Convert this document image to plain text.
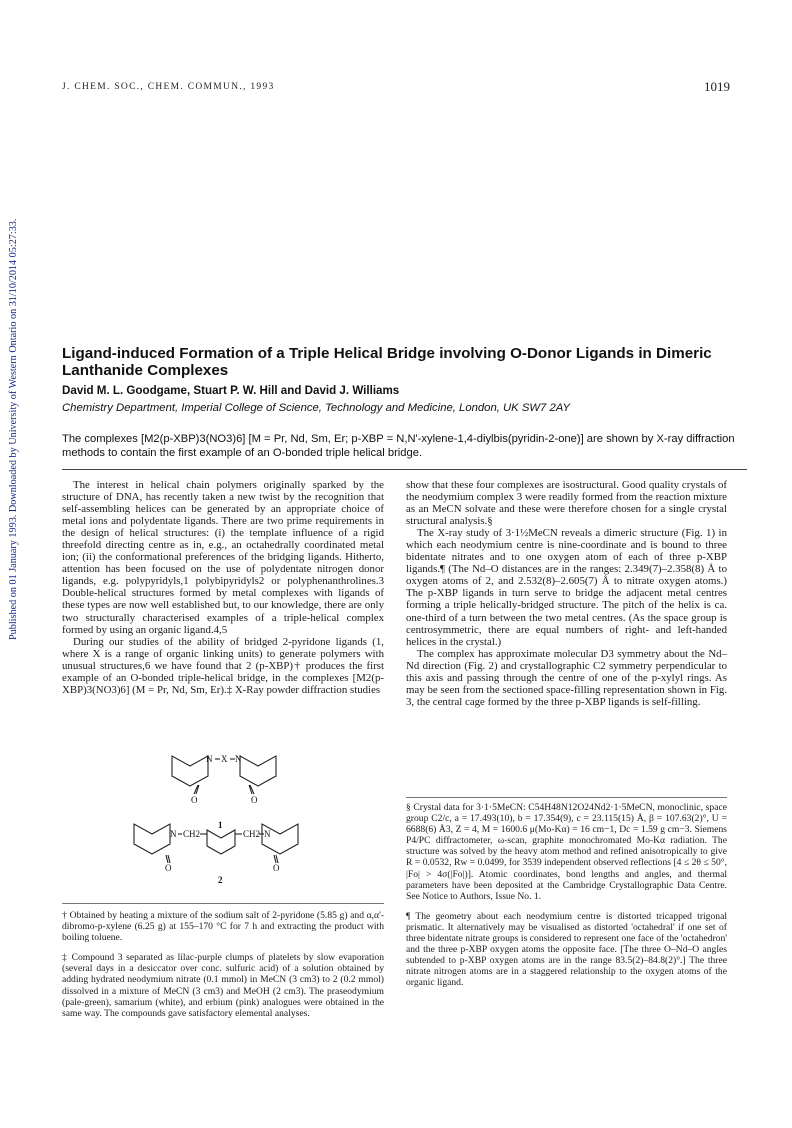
J. CHEM. SOC., CHEM. COMMUN., 1993	1019
Published on 01 January 1993. Downloaded by University of Western Ontario on 31/10/2014 05:27:33.	Ligand-induced Formation of a Triple Helical Bridge involving O-Donor Ligands in Dimeric Lanthanide Complexes
David M. L. Goodgame, Stuart P. W. Hill and David J. Williams
Chemistry Department, Imperial College of Science, Technology and Medicine, London, UK SW7 2AY
The complexes [M2(p-XBP)3(NO3)6] [M = Pr, Nd, Sm, Er; p-XBP = N,N'-xylene-1,4-diylbis(pyridin-2-one)] are shown by X-ray diffraction methods to contain the first example of an O-bonded triple helical bridge.

The interest in helical chain polymers originally sparked by the structure of DNA, has recently taken a new twist by the recognition that self-assembling helices can be generated by an appropriate choice of metal ions and polydentate ligands. There are two prime requirements in the design of helical structures: (i) the template influence of a rigid threefold directing centre as in, e.g., an octahedrally coordinated metal ion; (ii) the conformational preferences of the bridging ligands. Hitherto, attention has been focused on the use of polydentate nitrogen donor ligands, e.g. polypyridyls,1 polybipyridyls2 or polyphenanthrolines.3 Double-helical structures formed by metal complexes with ligands of these types are now well established but, to our knowledge, there are only two structurally characterised examples of a triple-helical complex formed by using an organic ligand.4,5

During our studies of the ability of bridged 2-pyridone ligands (1, where X is a range of organic linking units) to generate polymers with unusual structures,6 we have found that 2 (p-XBP)† produces the first example of an O-bonded triple-helical bridge, in the complexes [M2(p-XBP)3(NO3)6] (M = Pr, Nd, Sm, Er).‡ X-Ray powder diffraction studies

N X N
O	O
1
N CH2	CH2 N
O	O
2

† Obtained by heating a mixture of the sodium salt of 2-pyridone (5.85 g) and α,α'-dibromo-p-xylene (6.25 g) at 155–170 °C for 7 h and extracting the product with boiling toluene.

‡ Compound 3 separated as lilac-purple clumps of platelets by slow evaporation (several days in a desiccator over conc. sulfuric acid) of a solution obtained by adding hydrated neodymium nitrate (0.1 mmol) in MeCN (3 cm3) to 2 (0.2 mmol) dissolved in a mixture of MeCN (3 cm3) and MeOH (2 cm3). The praseodymium (pale-green), samarium (white), and erbium (pink) analogues were obtained in the same way. The compounds gave satisfactory elemental analyses.

show that these four complexes are isostructural. Good quality crystals of the neodymium complex 3 were readily formed from the reaction mixture as an MeCN solvate and these were therefore chosen for a single crystal structural analysis.§

The X-ray study of 3·1½MeCN reveals a dimeric structure (Fig. 1) in which each neodymium centre is nine-coordinate and is bound to three bidentate nitrates and to one oxygen atom of each of three p-XBP ligands.¶ (The Nd–O distances are in the ranges: 2.349(7)–2.358(8) Å to oxygen atoms of 2, and 2.532(8)–2.605(7) Å to nitrate oxygen atoms.) The p-XBP ligands in turn serve to bridge the adjacent metal centres forming a triple helically-bridged structure. The pitch of the helix is ca. one-third of a turn between the two metal centres. (As the space group is centrosymmetric, there are equal numbers of right- and left-handed helices in the crystal.)

The complex has approximate molecular D3 symmetry about the Nd–Nd direction (Fig. 2) and crystallographic C2 symmetry perpendicular to this axis and passing through the centre of one of the p-xylyl rings. As may be seen from the sectioned space-filling representation shown in Fig. 3, the central cage formed by the three p-XBP ligands is self-filling.

§ Crystal data for 3·1·5MeCN: C54H48N12O24Nd2·1·5MeCN, monoclinic, space group C2/c, a = 17.493(10), b = 17.354(9), c = 23.115(15) Å, β = 107.63(2)°, U = 6688(6) Å3, Z = 4, M = 1600.6 μ(Mo-Kα) = 16 cm−1, Dc = 1.59 g cm−3. Siemens P4/PC diffractometer, ω-scan, graphite monochromated Mo-Kα radiation. The structure was solved by the heavy atom method and refined anisotropically to give R = 0.0532, Rw = 0.0499, for 3539 independent observed reflections [4 ≤ 2θ ≤ 50°, |Fo| > 4σ(|Fo|)]. Atomic coordinates, bond lengths and angles, and thermal parameters have been deposited at the Cambridge Crystallographic Data Centre. See Notice to Authors, Issue No. 1.

¶ The geometry about each neodymium centre is distorted tricapped trigonal prismatic. It alternatively may be visualised as distorted 'octahedral' if one set of three bidentate nitrate groups is considered to represent one face of the 'octahedron' and the three p-XBP oxygen atoms the opposite face. [The three O–Nd–O angles subtended to p-XBP oxygen atoms are in the range 83.5(2)–84.8(2)°.] The three nitrate nitrogen atoms are in a staggered relationship to the oxygen atoms of the organic ligand.
